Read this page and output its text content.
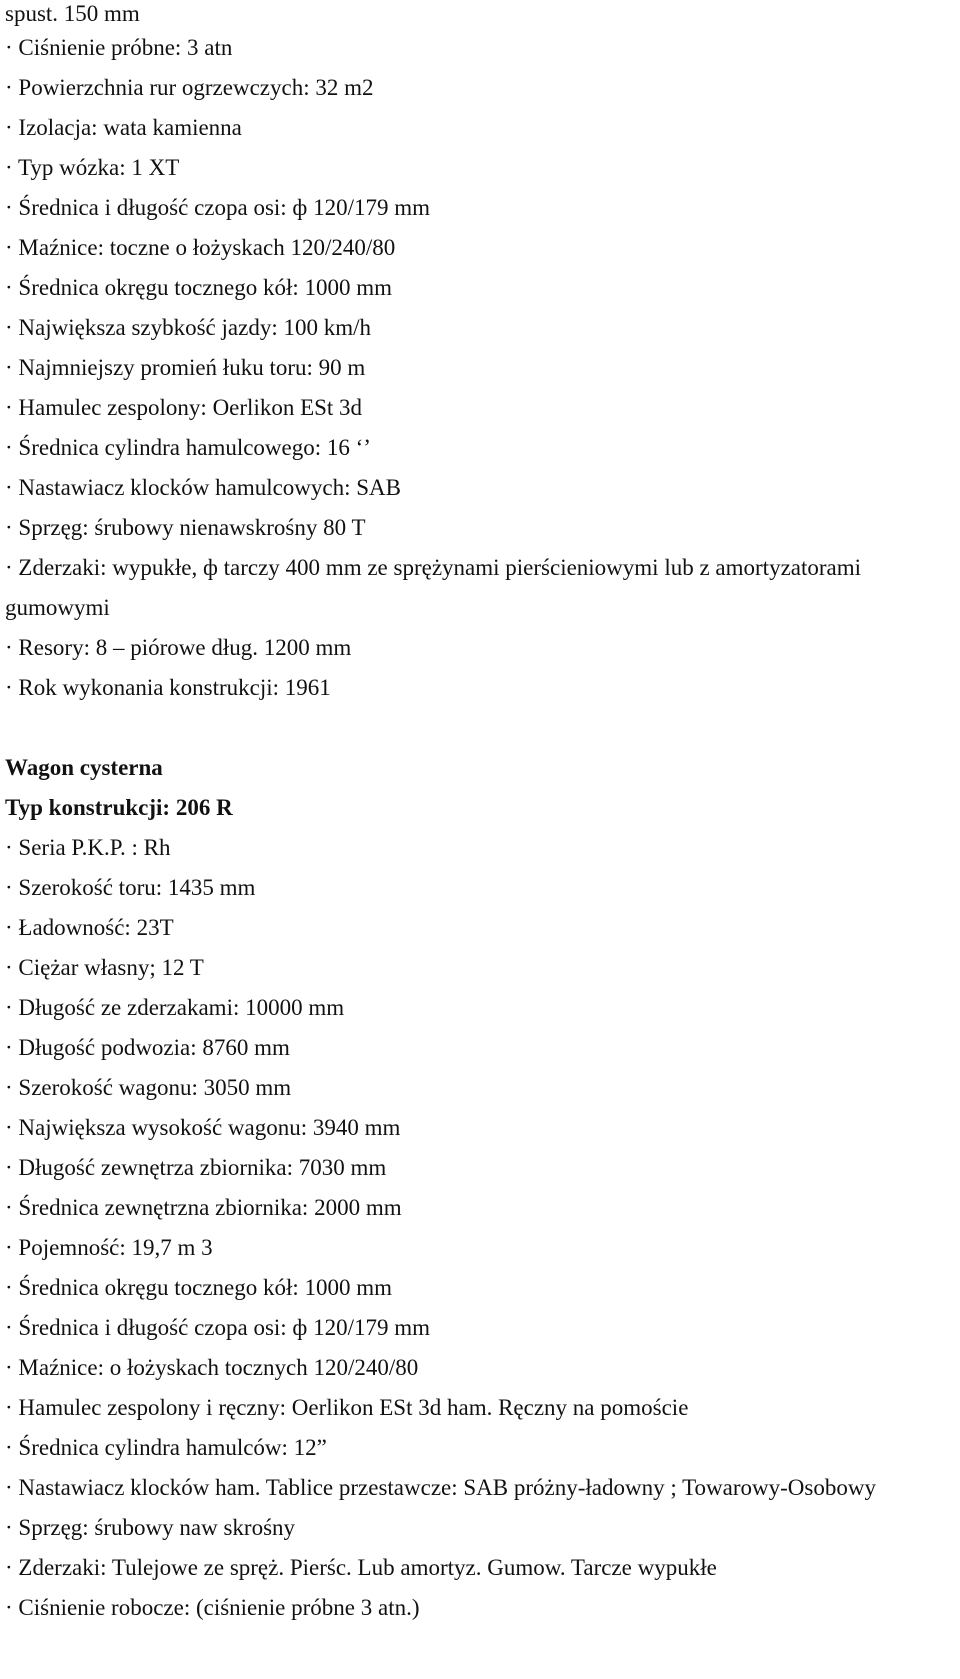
spust. 150 mm
· Ciśnienie próbne: 3 atn
· Powierzchnia rur ogrzewczych: 32 m2
· Izolacja: wata kamienna
· Typ wózka: 1 XT
· Średnica i długość czopa osi: ф 120/179 mm
· Maźnice: toczne o łożyskach 120/240/80
· Średnica okręgu tocznego kół: 1000 mm
· Największa szybkość jazdy: 100 km/h
· Najmniejszy promień łuku toru: 90 m
· Hamulec zespolony: Oerlikon ESt 3d
· Średnica cylindra hamulcowego: 16 ‘’
· Nastawiacz klocków hamulcowych: SAB
· Sprzęg: śrubowy nienawskrośny 80 T
· Zderzaki: wypukłe, ф tarczy 400 mm ze sprężynami pierścieniowymi lub z amortyzatorami gumowymi
· Resory: 8 – piórowe dług. 1200 mm
· Rok wykonania konstrukcji: 1961
Wagon cysterna
Typ konstrukcji: 206 R
· Seria P.K.P. : Rh
· Szerokość toru: 1435 mm
· Ładowność: 23T
· Ciężar własny; 12 T
· Długość ze zderzakami: 10000 mm
· Długość podwozia: 8760 mm
· Szerokość wagonu: 3050 mm
· Największa wysokość wagonu: 3940 mm
· Długość zewnętrza zbiornika: 7030 mm
· Średnica zewnętrzna zbiornika: 2000 mm
· Pojemność: 19,7 m 3
· Średnica okręgu tocznego kół: 1000 mm
· Średnica i długość czopa osi: ф 120/179 mm
· Maźnice: o łożyskach tocznych 120/240/80
· Hamulec zespolony i ręczny: Oerlikon ESt 3d ham. Ręczny na pomoście
· Średnica cylindra hamulców: 12”
· Nastawiacz klocków ham. Tablice przestawcze: SAB próżny-ładowny ; Towarowy-Osobowy
· Sprzęg: śrubowy naw skrośny
· Zderzaki: Tulejowe ze spręż. Pierśc. Lub amortyz. Gumow. Tarcze wypukłe
· Ciśnienie robocze: (ciśnienie próbne 3 atn.)
